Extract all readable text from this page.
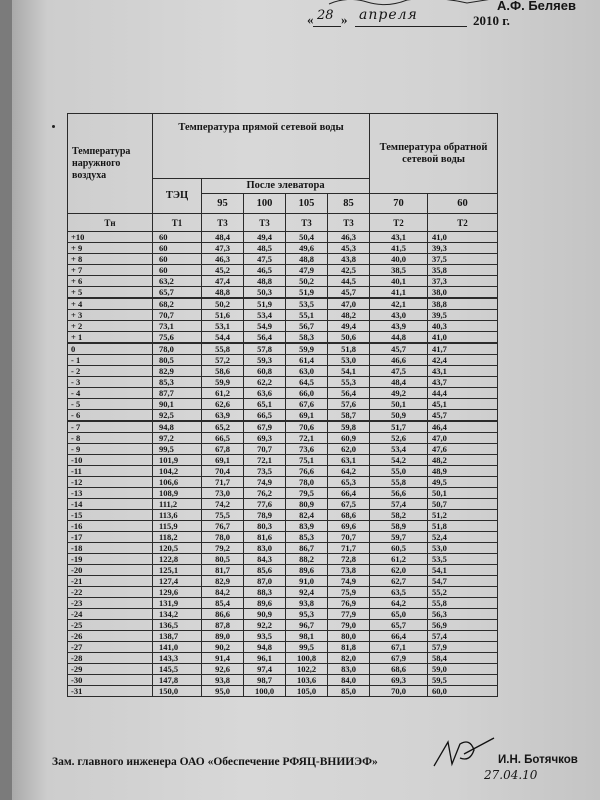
А.Ф. Беляев
« 28 » апреля	2010 г.
Температура наружного воздуха	Температура прямой сетевой воды					Температура обратной сетевой воды	
	ТЭЦ	После элеватора					
		95	100	105	85	70	60
Тн	Т1	Т3	Т3	Т3	Т3	Т2	Т2
+10	60	48,4	49,4	50,4	46,3	43,1	41,0
+ 9	60	47,3	48,5	49,6	45,3	41,5	39,3
+ 8	60	46,3	47,5	48,8	43,8	40,0	37,5
+ 7	60	45,2	46,5	47,9	42,5	38,5	35,8
+ 6	63,2	47,4	48,8	50,2	44,5	40,1	37,3
+ 5	65,7	48,8	50,3	51,9	45,7	41,1	38,0
+ 4	68,2	50,2	51,9	53,5	47,0	42,1	38,8
+ 3	70,7	51,6	53,4	55,1	48,2	43,0	39,5
+ 2	73,1	53,1	54,9	56,7	49,4	43,9	40,3
+ 1	75,6	54,4	56,4	58,3	50,6	44,8	41,0
0	78,0	55,8	57,8	59,9	51,8	45,7	41,7
- 1	80,5	57,2	59,3	61,4	53,0	46,6	42,4
- 2	82,9	58,6	60,8	63,0	54,1	47,5	43,1
- 3	85,3	59,9	62,2	64,5	55,3	48,4	43,7
- 4	87,7	61,2	63,6	66,0	56,4	49,2	44,4
- 5	90,1	62,6	65,1	67,6	57,6	50,1	45,1
- 6	92,5	63,9	66,5	69,1	58,7	50,9	45,7
- 7	94,8	65,2	67,9	70,6	59,8	51,7	46,4
- 8	97,2	66,5	69,3	72,1	60,9	52,6	47,0
- 9	99,5	67,8	70,7	73,6	62,0	53,4	47,6
-10	101,9	69,1	72,1	75,1	63,1	54,2	48,2
-11	104,2	70,4	73,5	76,6	64,2	55,0	48,9
-12	106,6	71,7	74,9	78,0	65,3	55,8	49,5
-13	108,9	73,0	76,2	79,5	66,4	56,6	50,1
-14	111,2	74,2	77,6	80,9	67,5	57,4	50,7
-15	113,6	75,5	78,9	82,4	68,6	58,2	51,2
-16	115,9	76,7	80,3	83,9	69,6	58,9	51,8
-17	118,2	78,0	81,6	85,3	70,7	59,7	52,4
-18	120,5	79,2	83,0	86,7	71,7	60,5	53,0
-19	122,8	80,5	84,3	88,2	72,8	61,2	53,5
-20	125,1	81,7	85,6	89,6	73,8	62,0	54,1
-21	127,4	82,9	87,0	91,0	74,9	62,7	54,7
-22	129,6	84,2	88,3	92,4	75,9	63,5	55,2
-23	131,9	85,4	89,6	93,8	76,9	64,2	55,8
-24	134,2	86,6	90,9	95,3	77,9	65,0	56,3
-25	136,5	87,8	92,2	96,7	79,0	65,7	56,9
-26	138,7	89,0	93,5	98,1	80,0	66,4	57,4
-27	141,0	90,2	94,8	99,5	81,8	67,1	57,9
-28	143,3	91,4	96,1	100,8	82,0	67,9	58,4
-29	145,5	92,6	97,4	102,2	83,0	68,6	59,0
-30	147,8	93,8	98,7	103,6	84,0	69,3	59,5
-31	150,0	95,0	100,0	105,0	85,0	70,0	60,0
Зам. главного инженера ОАО «Обеспечение РФЯЦ-ВНИИЭФ»	И.Н. Ботячков
27.04.10
